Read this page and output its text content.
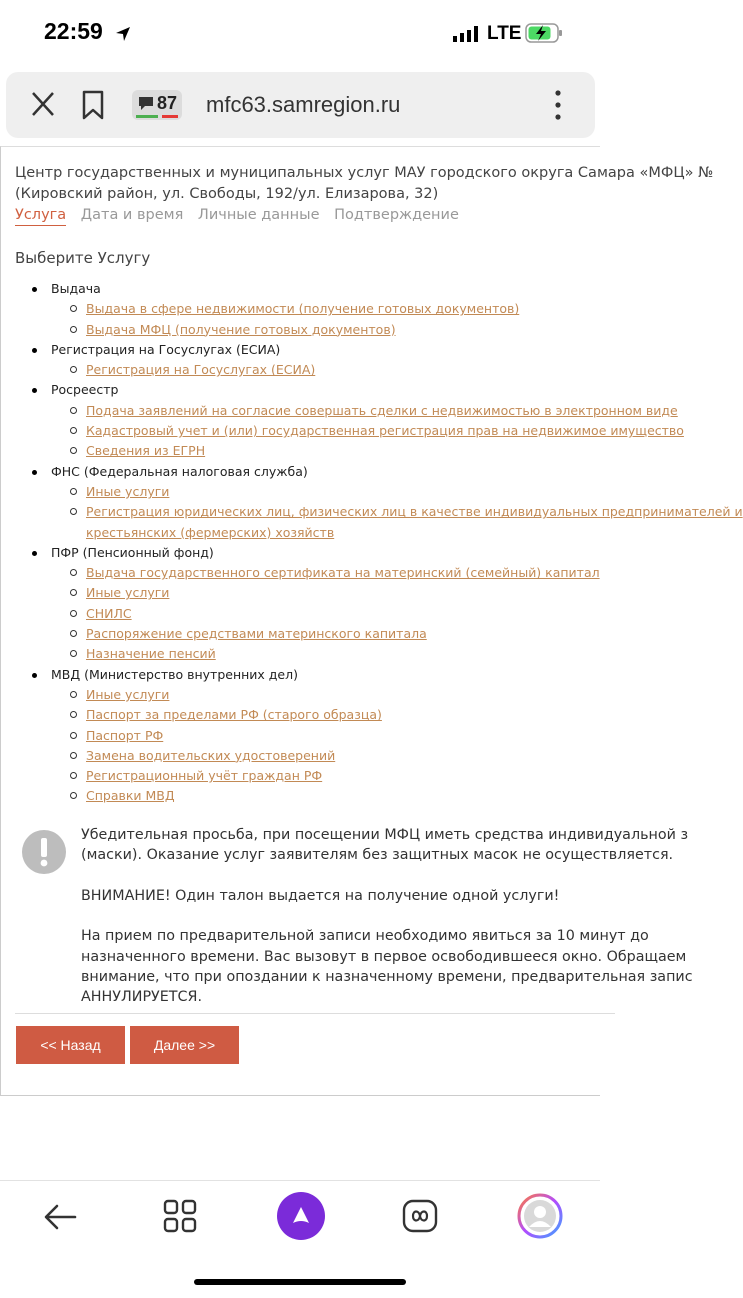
22:59	LTE
87 mfc63.samregion.ru
Центр государственных и муниципальных услуг МАУ городского округа Самара «МФЦ» №
(Кировский район, ул. Свободы, 192/ул. Елизарова, 32)
Услуга Дата и время Личные данные Подтверждение
Выберите Услугу
Выдача
Выдача в сфере недвижимости (получение готовых документов)
Выдача МФЦ (получение готовых документов)
Регистрация на Госуслугах (ЕСИА)
Регистрация на Госуслугах (ЕСИА)
Росреестр
Подача заявлений на согласие совершать сделки с недвижимостью в электронном виде
Кадастровый учет и (или) государственная регистрация прав на недвижимое имущество
Сведения из ЕГРН
ФНС (Федеральная налоговая служба)
Иные услуги
Регистрация юридических лиц, физических лиц в качестве индивидуальных предпринимателей и
крестьянских (фермерских) хозяйств
ПФР (Пенсионный фонд)
Выдача государственного сертификата на материнский (семейный) капитал
Иные услуги
СНИЛС
Распоряжение средствами материнского капитала
Назначение пенсий
МВД (Министерство внутренних дел)
Иные услуги
Паспорт за пределами РФ (старого образца)
Паспорт РФ
Замена водительских удостоверений
Регистрационный учёт граждан РФ
Справки МВД
Убедительная просьба, при посещении МФЦ иметь средства индивидуальной з
(маски). Оказание услуг заявителям без защитных масок не осуществляется.

ВНИМАНИЕ! Один талон выдается на получение одной услуги!

На прием по предварительной записи необходимо явиться за 10 минут до
назначенного времени. Вас вызовут в первое освободившееся окно. Обращаем
внимание, что при опоздании к назначенному времени, предварительная запис
АННУЛИРУЕТСЯ.
<< Назад	Далее >>
